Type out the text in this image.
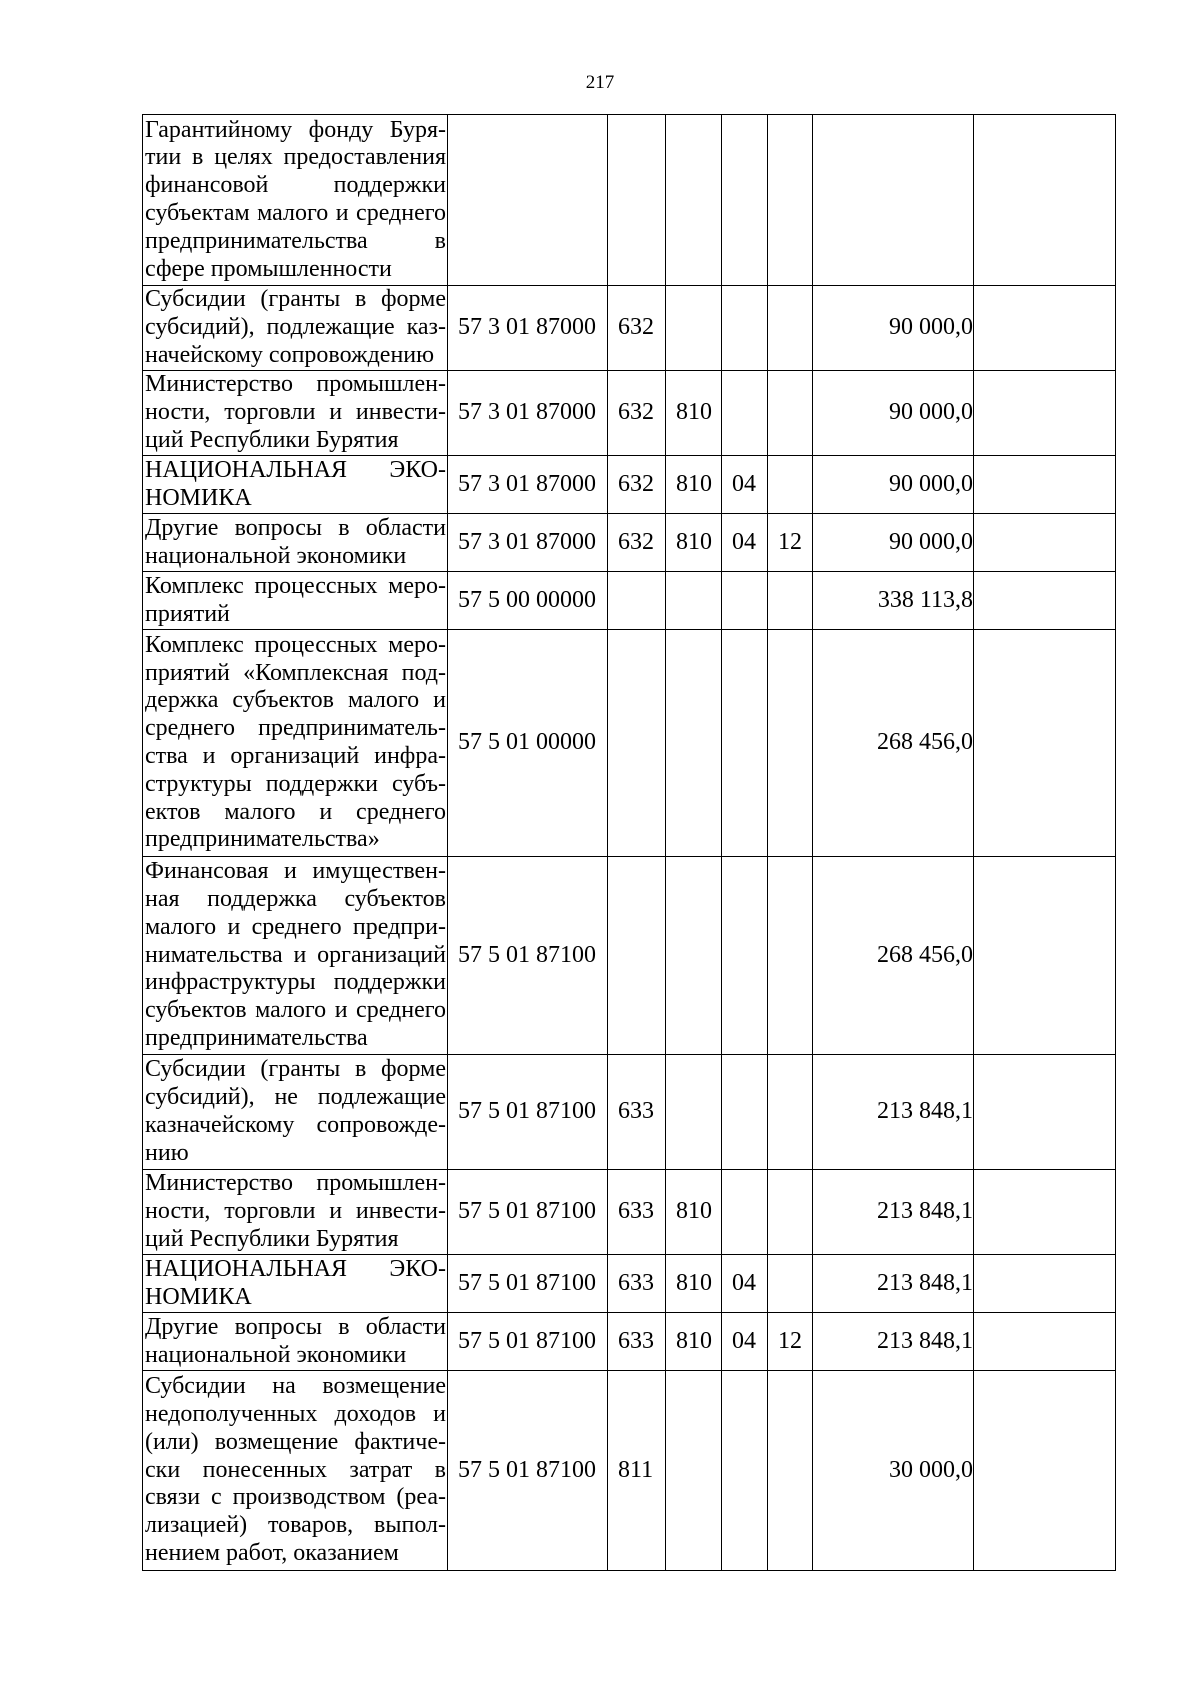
217
Гарантийному фонду Бурятии в целях предоставления финансовой поддержки субъектам малого и среднего предпринимательства в сфере промышленности							
Субсидии (гранты в форме субсидий), подлежащие казначейскому сопровождению	57 3 01 87000	632				90 000,0	
Министерство промышленности, торговли и инвестиций Республики Бурятия	57 3 01 87000	632	810			90 000,0	
НАЦИОНАЛЬНАЯ ЭКОНОМИКА	57 3 01 87000	632	810	04		90 000,0	
Другие вопросы в области национальной экономики	57 3 01 87000	632	810	04	12	90 000,0	
Комплекс процессных мероприятий	57 5 00 00000					338 113,8	
Комплекс процессных мероприятий «Комплексная поддержка субъектов малого и среднего предпринимательства и организаций инфраструктуры поддержки субъектов малого и среднего предпринимательства»	57 5 01 00000					268 456,0	
Финансовая и имущественная поддержка субъектов малого и среднего предпринимательства и организаций инфраструктуры поддержки субъектов малого и среднего предпринимательства	57 5 01 87100					268 456,0	
Субсидии (гранты в форме субсидий), не подлежащие казначейскому сопровождению	57 5 01 87100	633				213 848,1	
Министерство промышленности, торговли и инвестиций Республики Бурятия	57 5 01 87100	633	810			213 848,1	
НАЦИОНАЛЬНАЯ ЭКОНОМИКА	57 5 01 87100	633	810	04		213 848,1	
Другие вопросы в области национальной экономики	57 5 01 87100	633	810	04	12	213 848,1	
Субсидии на возмещение недополученных доходов и (или) возмещение фактически понесенных затрат в связи с производством (реализацией) товаров, выполнением работ, оказанием	57 5 01 87100	811				30 000,0	
